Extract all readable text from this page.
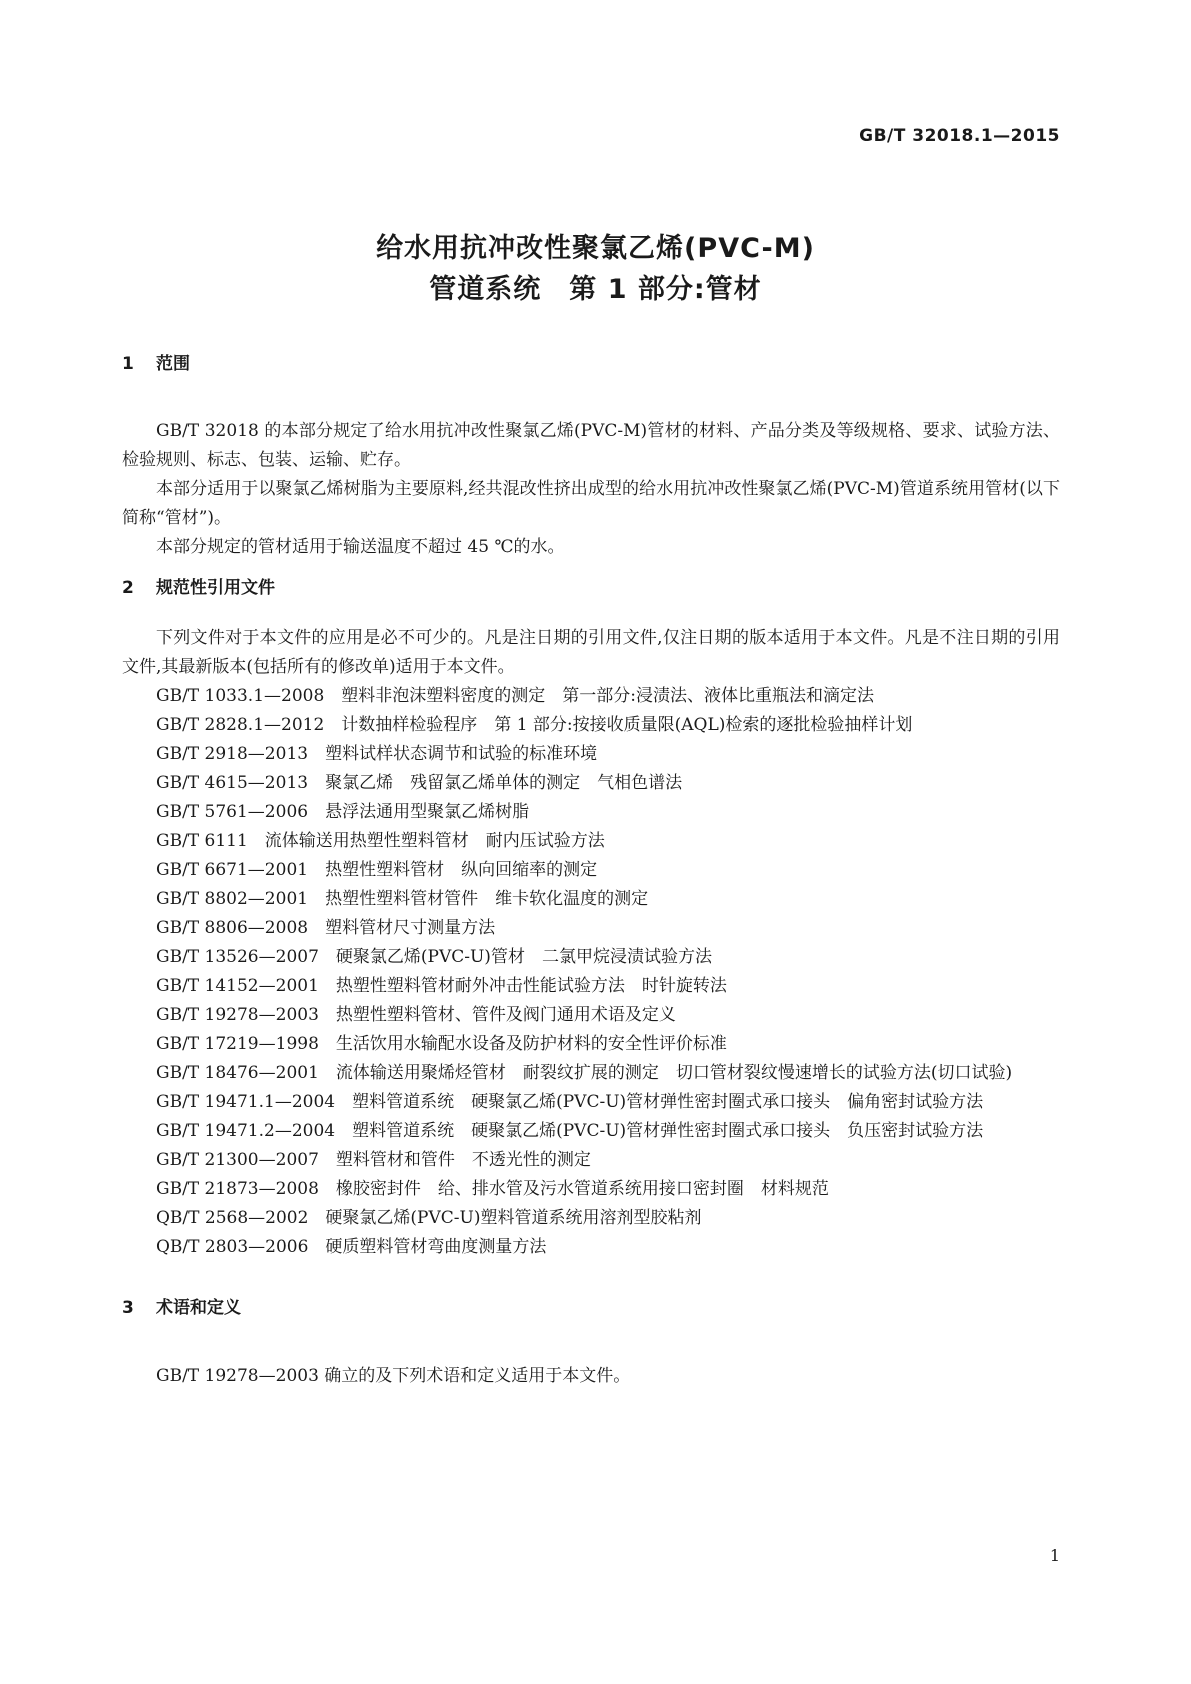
GB/T 32018.1—2015

给水用抗冲改性聚氯乙烯(PVC-M)
管道系统　第 1 部分:管材
1 范围

GB/T 32018 的本部分规定了给水用抗冲改性聚氯乙烯(PVC-M)管材的材料、产品分类及等级规格、要求、试验方法、检验规则、标志、包装、运输、贮存。

本部分适用于以聚氯乙烯树脂为主要原料,经共混改性挤出成型的给水用抗冲改性聚氯乙烯(PVC-M)管道系统用管材(以下简称“管材”)。

本部分规定的管材适用于输送温度不超过 45 ℃的水。

2 规范性引用文件

下列文件对于本文件的应用是必不可少的。凡是注日期的引用文件,仅注日期的版本适用于本文件。凡是不注日期的引用文件,其最新版本(包括所有的修改单)适用于本文件。

GB/T 1033.1—2008　塑料非泡沫塑料密度的测定　第一部分:浸渍法、液体比重瓶法和滴定法
GB/T 2828.1—2012　计数抽样检验程序　第 1 部分:按接收质量限(AQL)检索的逐批检验抽样计划
GB/T 2918—2013　塑料试样状态调节和试验的标准环境
GB/T 4615—2013　聚氯乙烯　残留氯乙烯单体的测定　气相色谱法
GB/T 5761—2006　悬浮法通用型聚氯乙烯树脂
GB/T 6111　流体输送用热塑性塑料管材　耐内压试验方法
GB/T 6671—2001　热塑性塑料管材　纵向回缩率的测定
GB/T 8802—2001　热塑性塑料管材管件　维卡软化温度的测定
GB/T 8806—2008　塑料管材尺寸测量方法
GB/T 13526—2007　硬聚氯乙烯(PVC-U)管材　二氯甲烷浸渍试验方法
GB/T 14152—2001　热塑性塑料管材耐外冲击性能试验方法　时针旋转法
GB/T 19278—2003　热塑性塑料管材、管件及阀门通用术语及定义
GB/T 17219—1998　生活饮用水输配水设备及防护材料的安全性评价标准
GB/T 18476—2001　流体输送用聚烯烃管材　耐裂纹扩展的测定　切口管材裂纹慢速增长的试验方法(切口试验)
GB/T 19471.1—2004　塑料管道系统　硬聚氯乙烯(PVC-U)管材弹性密封圈式承口接头　偏角密封试验方法
GB/T 19471.2—2004　塑料管道系统　硬聚氯乙烯(PVC-U)管材弹性密封圈式承口接头　负压密封试验方法
GB/T 21300—2007　塑料管材和管件　不透光性的测定
GB/T 21873—2008　橡胶密封件　给、排水管及污水管道系统用接口密封圈　材料规范
QB/T 2568—2002　硬聚氯乙烯(PVC-U)塑料管道系统用溶剂型胶粘剂
QB/T 2803—2006　硬质塑料管材弯曲度测量方法
3 术语和定义

GB/T 19278—2003 确立的及下列术语和定义适用于本文件。

1
